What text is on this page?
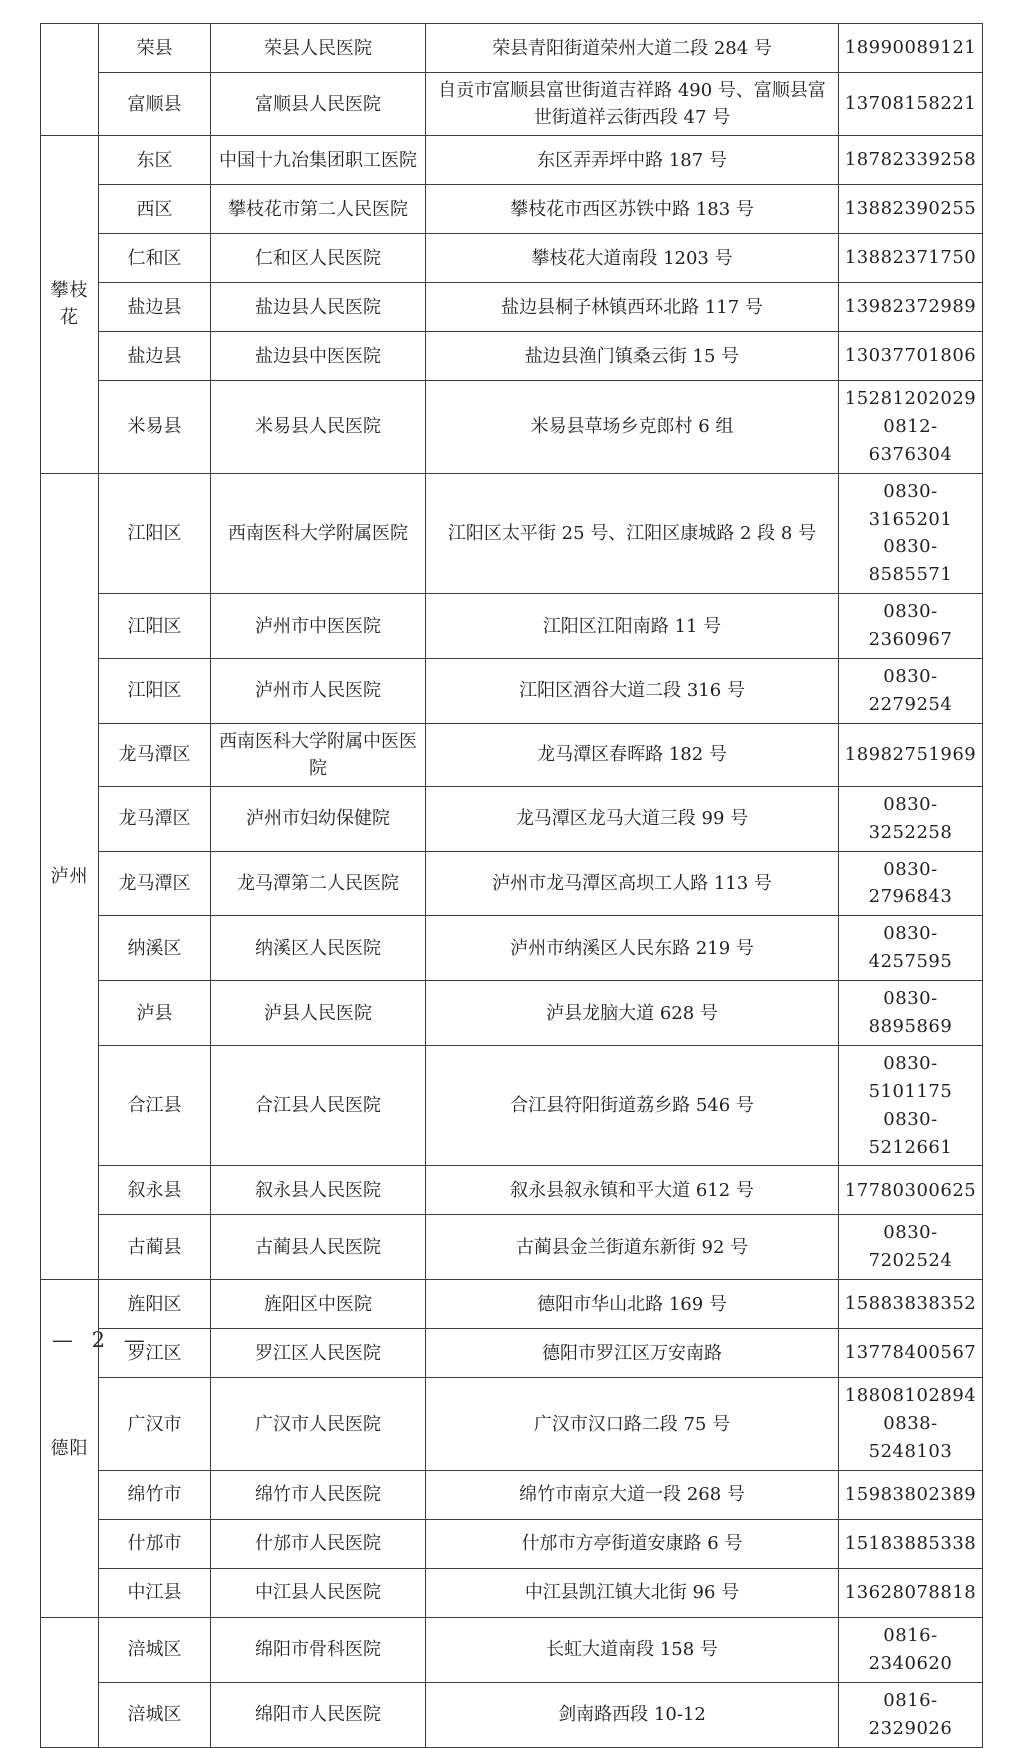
	荣县	荣县人民医院	荣县青阳街道荣州大道二段 284 号	18990089121

	富顺县	富顺县人民医院	自贡市富顺县富世街道吉祥路 490 号、富顺县富世街道祥云街西段 47 号	13708158221

攀枝花	东区	中国十九冶集团职工医院	东区弄弄坪中路 187 号	18782339258

	西区	攀枝花市第二人民医院	攀枝花市西区苏铁中路 183 号	13882390255

	仁和区	仁和区人民医院	攀枝花大道南段 1203 号	13882371750

	盐边县	盐边县人民医院	盐边县桐子林镇西环北路 117 号	13982372989

	盐边县	盐边县中医医院	盐边县渔门镇桑云街 15 号	13037701806

	米易县	米易县人民医院	米易县草场乡克郎村 6 组	15281202029
0812-6376304

泸州	江阳区	西南医科大学附属医院	江阳区太平街 25 号、江阳区康城路 2 段 8 号	0830-3165201
0830-8585571

	江阳区	泸州市中医医院	江阳区江阳南路 11 号	0830-2360967

	江阳区	泸州市人民医院	江阳区酒谷大道二段 316 号	0830-2279254

	龙马潭区	西南医科大学附属中医医院	龙马潭区春晖路 182 号	18982751969

	龙马潭区	泸州市妇幼保健院	龙马潭区龙马大道三段 99 号	0830-3252258

	龙马潭区	龙马潭第二人民医院	泸州市龙马潭区高坝工人路 113 号	0830-2796843

	纳溪区	纳溪区人民医院	泸州市纳溪区人民东路 219 号	0830-4257595

	泸县	泸县人民医院	泸县龙脑大道 628 号	0830-8895869

	合江县	合江县人民医院	合江县符阳街道荔乡路 546 号	0830-5101175
0830-5212661

	叙永县	叙永县人民医院	叙永县叙永镇和平大道 612 号	17780300625

	古蔺县	古蔺县人民医院	古蔺县金兰街道东新街 92 号	0830-7202524

德阳	旌阳区	旌阳区中医院	德阳市华山北路 169 号	15883838352

	罗江区	罗江区人民医院	德阳市罗江区万安南路	13778400567

	广汉市	广汉市人民医院	广汉市汉口路二段 75 号	18808102894
0838-5248103

	绵竹市	绵竹市人民医院	绵竹市南京大道一段 268 号	15983802389

	什邡市	什邡市人民医院	什邡市方亭街道安康路 6 号	15183885338

	中江县	中江县人民医院	中江县凯江镇大北街 96 号	13628078818

	涪城区	绵阳市骨科医院	长虹大道南段 158 号	0816-2340620

	涪城区	绵阳市人民医院	剑南路西段 10-12	0816-2329026
— 2 —
